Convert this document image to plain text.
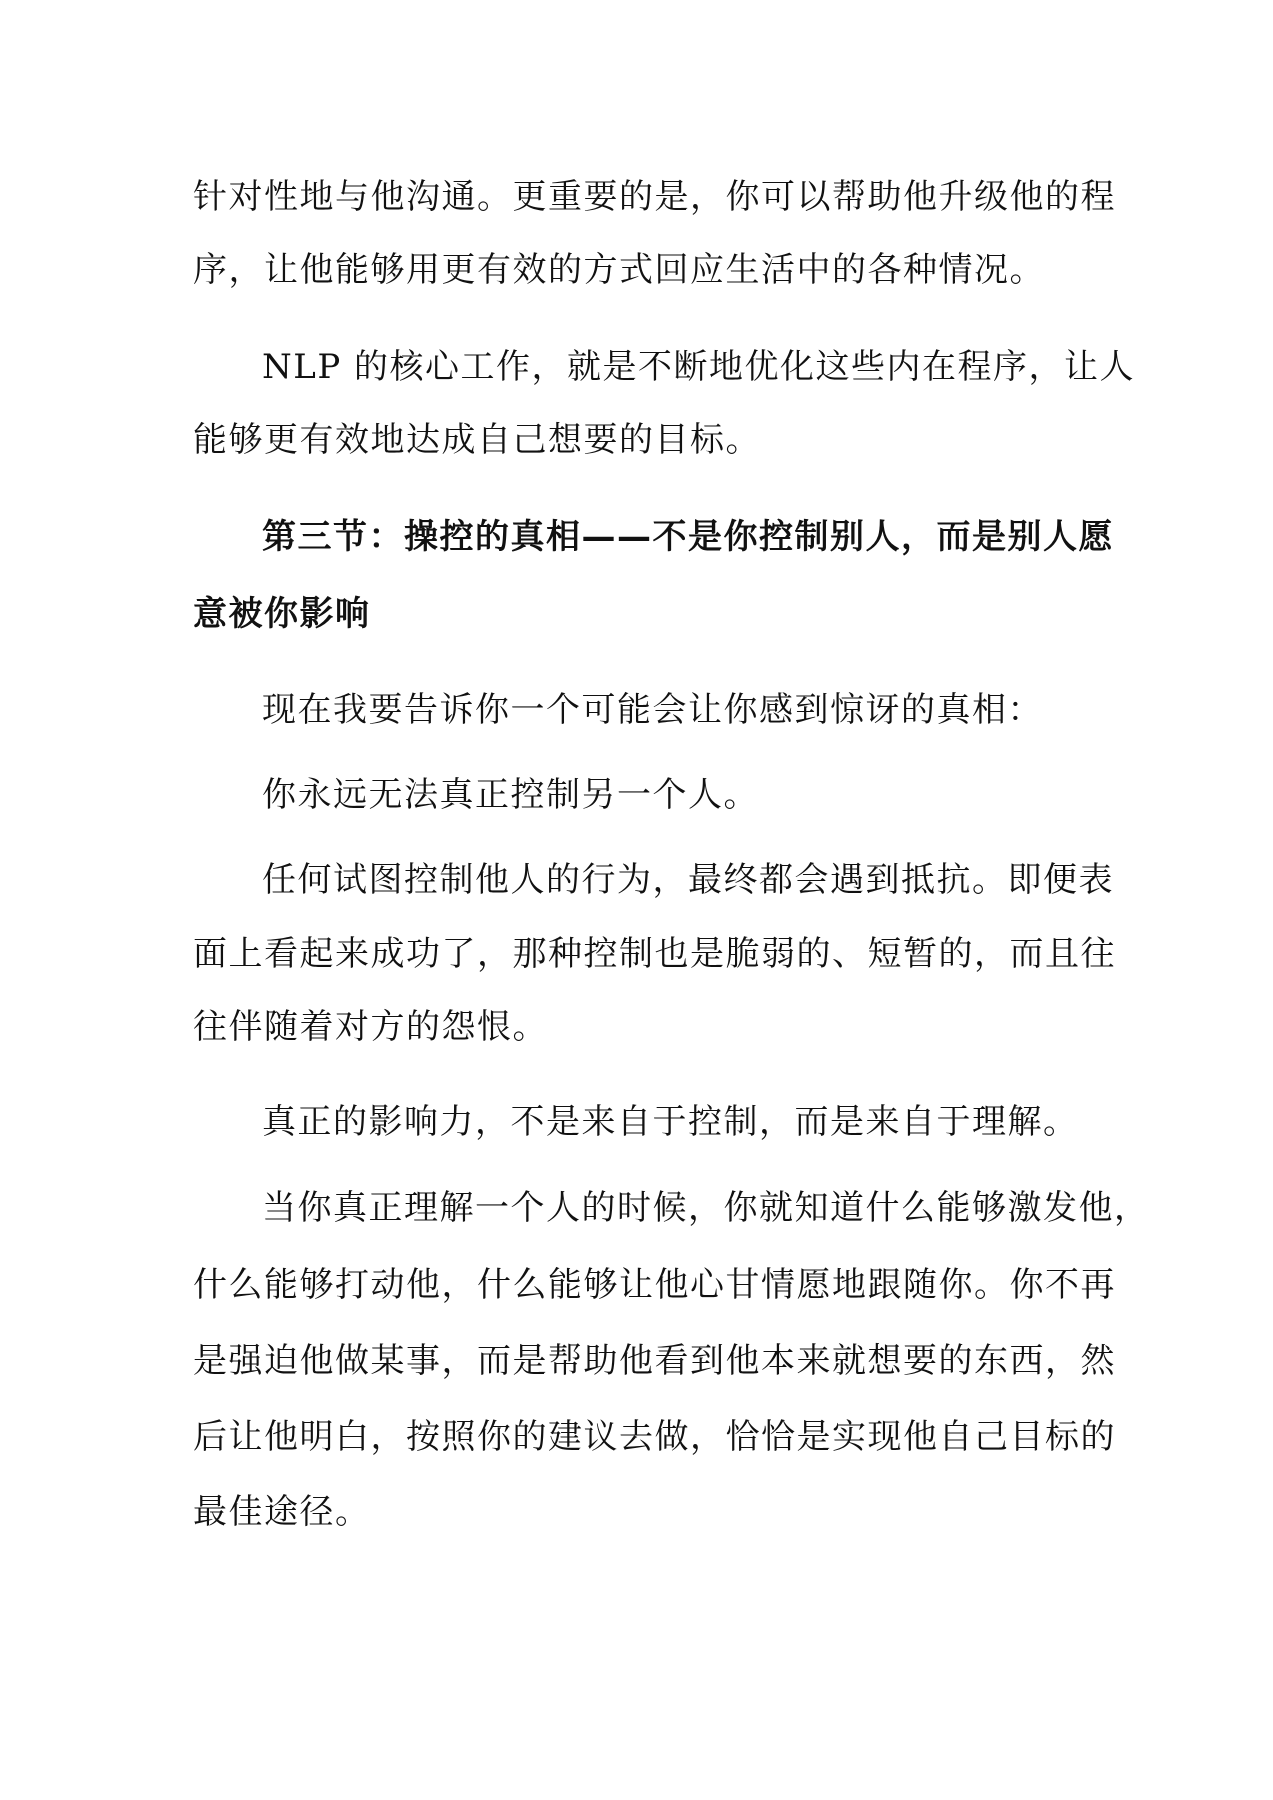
针对性地与他沟通。更重要的是，你可以帮助他升级他的程
序，让他能够用更有效的方式回应生活中的各种情况。
NLP 的核心工作，就是不断地优化这些内在程序，让人
能够更有效地达成自己想要的目标。
第三节：操控的真相——不是你控制别人，而是别人愿
意被你影响
现在我要告诉你一个可能会让你感到惊讶的真相：
你永远无法真正控制另一个人。
任何试图控制他人的行为，最终都会遇到抵抗。即便表
面上看起来成功了，那种控制也是脆弱的、短暂的，而且往
往伴随着对方的怨恨。
真正的影响力，不是来自于控制，而是来自于理解。
当你真正理解一个人的时候，你就知道什么能够激发他，
什么能够打动他，什么能够让他心甘情愿地跟随你。你不再
是强迫他做某事，而是帮助他看到他本来就想要的东西，然
后让他明白，按照你的建议去做，恰恰是实现他自己目标的
最佳途径。
